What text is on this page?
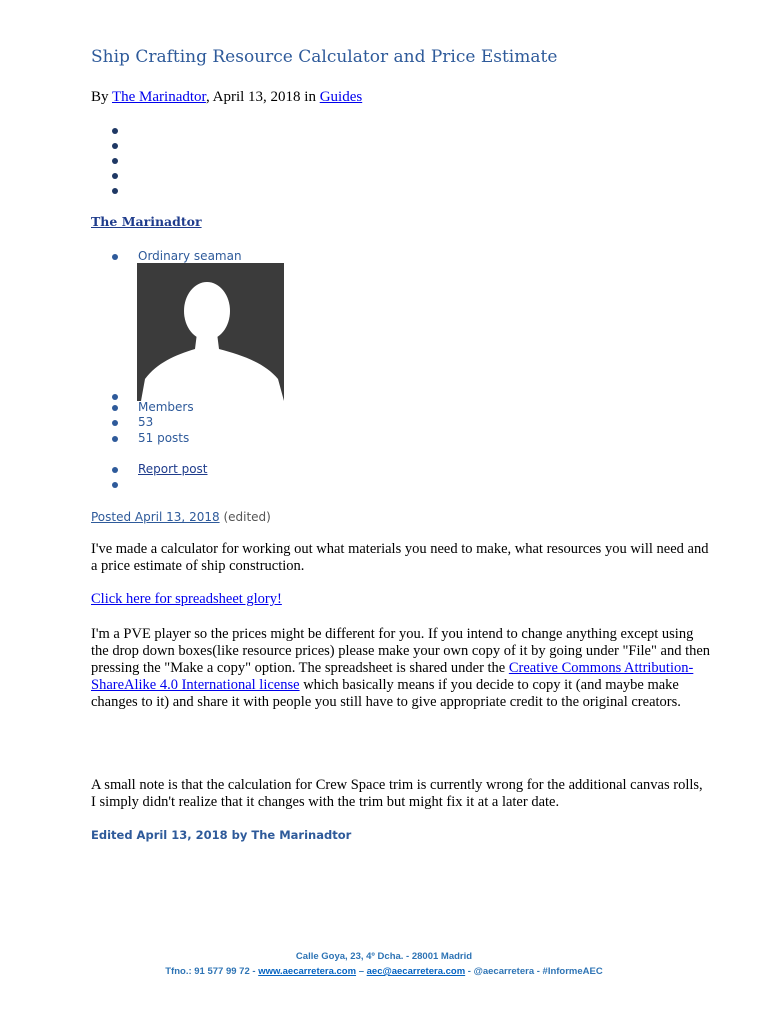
Ship Crafting Resource Calculator and Price Estimate
By The Marinadtor, April 13, 2018 in Guides
The Marinadtor
Ordinary seaman
Members
53
51 posts
Report post
Posted April 13, 2018 (edited)

I've made a calculator for working out what materials you need to make, what resources you will need and a price estimate of ship construction.

Click here for spreadsheet glory!

I'm a PVE player so the prices might be different for you. If you intend to change anything except using the drop down boxes(like resource prices) please make your own copy of it by going under "File" and then pressing the "Make a copy" option. The spreadsheet is shared under the Creative Commons Attribution-ShareAlike 4.0 International license which basically means if you decide to copy it (and maybe make changes to it) and share it with people you still have to give appropriate credit to the original creators.

A small note is that the calculation for Crew Space trim is currently wrong for the additional canvas rolls, I simply didn't realize that it changes with the trim but might fix it at a later date.

Edited April 13, 2018 by The Marinadtor
Calle Goya, 23, 4º Dcha. - 28001 Madrid
Tfno.: 91 577 99 72 - www.aecarretera.com – aec@aecarretera.com - @aecarretera - #InformeAEC
